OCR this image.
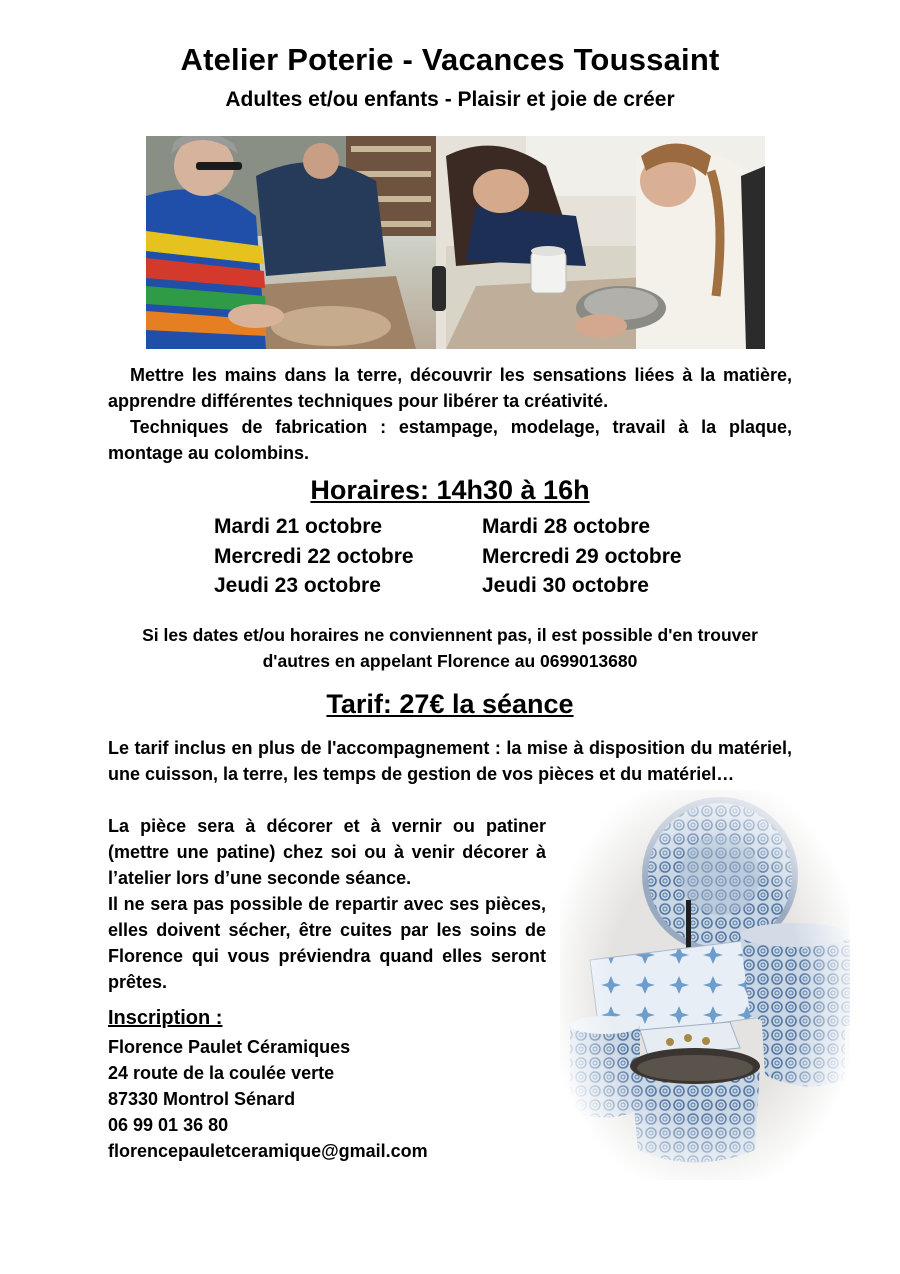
Atelier Poterie - Vacances Toussaint
Adultes et/ou enfants - Plaisir et joie de créer

Mettre les mains dans la terre, découvrir les sensations liées à la matière, apprendre différentes techniques pour libérer ta créativité.

Techniques de fabrication : estampage, modelage, travail à la plaque, montage au colombins.

Horaires: 14h30 à 16h
Mardi 21 octobre
Mercredi 22 octobre
Jeudi 23 octobre
Mardi 28 octobre
Mercredi 29 octobre
Jeudi 30 octobre
Si les dates et/ou horaires ne conviennent pas, il est possible d'en trouver
d'autres en appelant Florence au 0699013680
Tarif: 27€ la séance

Le tarif inclus en plus de l'accompagnement : la mise à disposition du matériel, une cuisson, la terre, les temps de gestion de vos pièces et du matériel…

La pièce sera à décorer et à vernir ou patiner (mettre une patine) chez soi ou à venir décorer à l’atelier lors d’une seconde séance.

Il ne sera pas possible de repartir avec ses pièces, elles doivent sécher, être cuites par les soins de Florence qui vous préviendra quand elles seront prêtes.

Inscription :
Florence Paulet Céramiques
24 route de la coulée verte
87330 Montrol Sénard
06 99 01 36 80
florencepauletceramique@gmail.com
